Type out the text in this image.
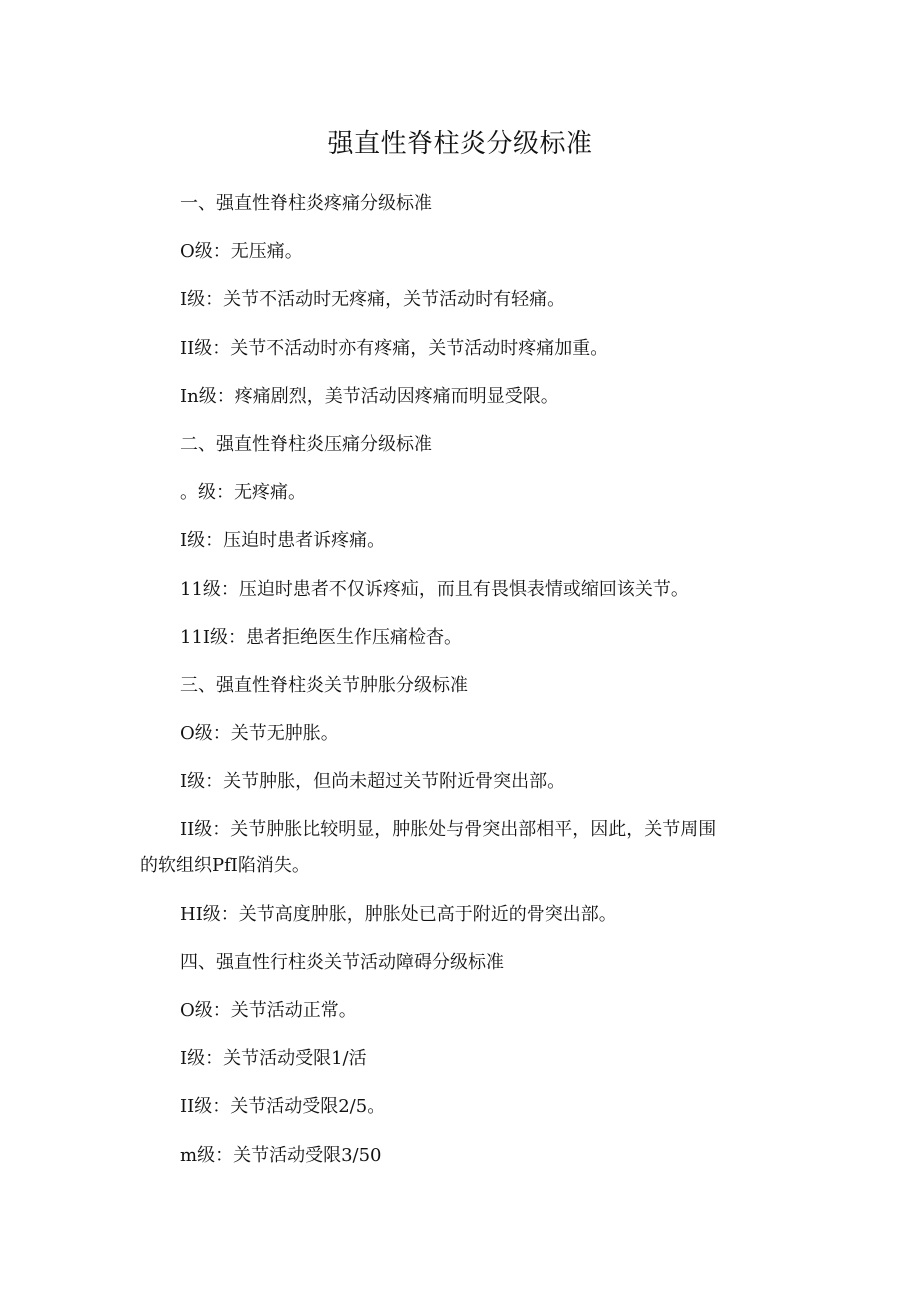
强直性脊柱炎分级标准
一、强直性脊柱炎疼痛分级标准
O级：无压痛。
I级：关节不活动时无疼痛，关节活动时有轻痛。
II级：关节不活动时亦有疼痛，关节活动时疼痛加重。
In级：疼痛剧烈，美节活动因疼痛而明显受限。
二、强直性脊柱炎压痛分级标准
。级：无疼痛。
I级：压迫时患者诉疼痛。
11级：压迫时患者不仅诉疼疝，而且有畏惧表情或缩回该关节。
11I级：患者拒绝医生作压痛检杳。
三、强直性脊柱炎关节肿胀分级标准
O级：关节无肿胀。
I级：关节肿胀，但尚未超过关节附近骨突出部。
II级：关节肿胀比较明显，肿胀处与骨突出部相平，因此，关节周围
的软组织PfI陷消失。
HI级：关节高度肿胀，肿胀处已高于附近的骨突出部。
四、强直性行柱炎关节活动障碍分级标准
O级：关节活动正常。
I级：关节活动受限1/活
II级：关节活动受限2/5。
m级：关节活动受限3/50
